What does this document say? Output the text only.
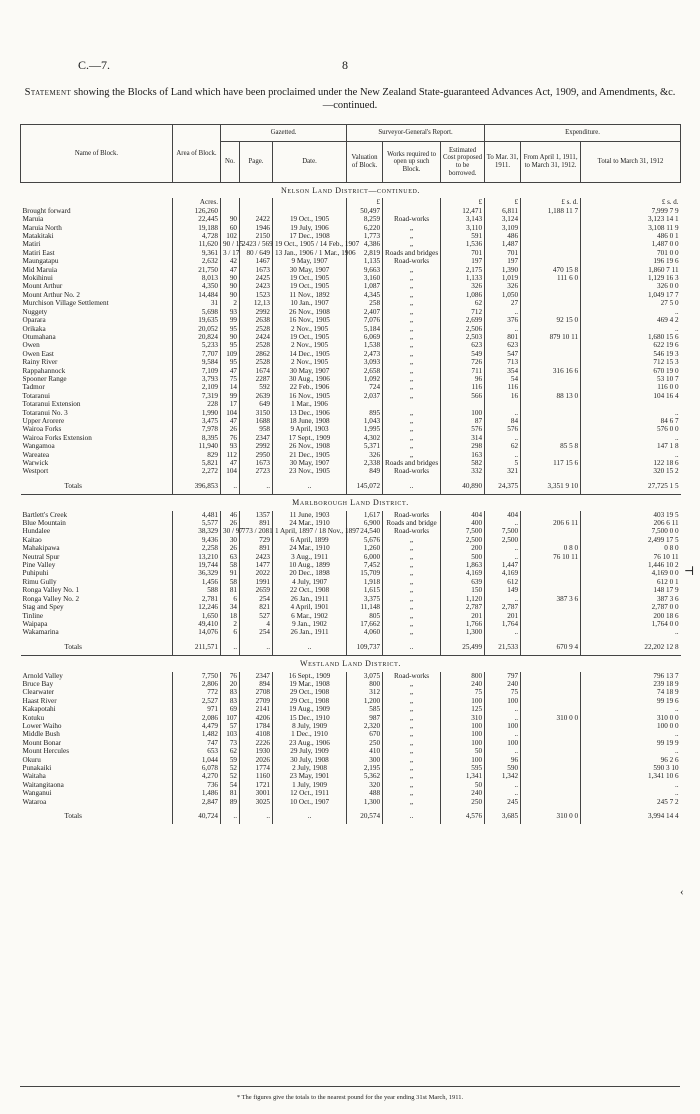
C.—7.	8
Statement showing the Blocks of Land which have been proclaimed under the New Zealand State-guaranteed Advances Act, 1909, and Amendments, &c.—continued.
Name of Block.	Area of Block.	Gazetted.			Surveyor-General's Report.			Expenditure.		
		No.	Page.	Date.	Valuation of Block.	Works required to open up such Block.	Estimated Cost proposed to be borrowed.	To Mar. 31, 1911.	From April 1, 1911, to March 31, 1912.	Total to March 31, 1912
Nelson Land District—continued.										
	Acres.				£		£	£	£ s. d.	£ s. d.
Brought forward	126,260				50,497		12,471	6,811	1,188 11 7	7,999 7 9
Maruia	22,445	90	2422	19 Oct., 1905	8,259	Road-works	3,143	3,124		3,123 14 1
Maruia North	19,188	60	1946	19 July, 1906	6,220	„	3,110	3,109		3,108 11 9
Matakitaki	4,728	102	2150	17 Dec., 1908	1,773	„	591	486		486 0 1
Matiri	11,620	90 / 15	2423 / 569	19 Oct., 1905 / 14 Feb., 1907	4,386	„	1,536	1,487		1,487 0 0
Matiri East	9,361	3 / 17	80 / 649	13 Jan., 1906 / 1 Mar., 1906	2,819	Roads and bridges	701	701		701 0 0
Maungatapu	2,632	42	1467	9 May, 1907	1,135	Road-works	197	197		196 19 6
Mid Maruia	21,750	47	1673	30 May, 1907	9,663	„	2,175	1,390	470 15 8	1,860 7 11
Mokihinui	8,013	90	2425	19 Oct., 1905	3,160	„	1,133	1,019	111 6 0	1,129 16 3
Mount Arthur	4,350	90	2423	19 Oct., 1905	1,087	„	326	326		326 0 0
Mount Arthur No. 2	14,484	90	1523	11 Nov., 1892	4,345	„	1,086	1,050		1,049 17 7
Murchison Village Settlement	31	2	12,13	10 Jan., 1907	258	„	62	27		27 5 0
Nuggety	5,698	93	2992	26 Nov., 1908	2,407	„	712	..		..
Oparara	19,635	99	2638	16 Nov., 1905	7,076	„	2,699	376	92 15 0	469 4 2
Orikaka	20,052	95	2528	2 Nov., 1905	5,184	„	2,506	..		..
Otumahana	20,824	90	2424	19 Oct., 1905	6,069	„	2,503	801	879 10 11	1,680 15 6
Owen	5,233	95	2528	2 Nov., 1905	1,538	„	623	623		622 19 6
Owen East	7,707	109	2862	14 Dec., 1905	2,473	„	549	547		546 19 3
Rainy River	9,584	95	2528	2 Nov., 1905	3,093	„	726	713		712 15 3
Rappahannock	7,109	47	1674	30 May, 1907	2,658	„	711	354	316 16 6	670 19 0
Spooner Range	3,793	75	2287	30 Aug., 1906	1,092	„	96	54		53 10 7
Tadmor	2,109	14	592	22 Feb., 1906	724	„	116	116		116 0 0
Totaranui	7,319	99	2639	16 Nov., 1905	2,037	„	566	16	88 13 0	104 16 4
Totaranui Extension	228	17	649	1 Mar., 1906						
Totaranui No. 3	1,990	104	3150	13 Dec., 1906	895	„	100	..		..
Upper Arorere	3,475	47	1688	18 June, 1908	1,043	„	87	84		84 6 7
Wairoa Forks	7,978	26	958	9 April, 1903	1,995	„	576	576		576 0 0
Wairoa Forks Extension	8,395	76	2347	17 Sept., 1909	4,302	„	314	..		..
Wangamoa	11,940	93	2992	26 Nov., 1908	5,371	„	298	62	85 5 8	147 1 8
Wareatea	829	112	2950	21 Dec., 1905	326	„	163	..		..
Warwick	5,821	47	1673	30 May, 1907	2,338	Roads and bridges	582	5	117 15 6	122 18 6
Westport	2,272	104	2723	23 Nov., 1905	849	Road-works	332	321		320 15 2
Totals	396,853	..	..	..	145,072	..	40,890	24,375	3,351 9 10	27,725 1 5
Marlborough Land District.										
Bartlett's Creek	4,481	46	1357	11 June, 1903	1,617	Road-works	404	404		403 19 5
Blue Mountain	5,577	26	891	24 Mar., 1910	6,900	Roads and bridge	400	..	206 6 11	206 6 11
Hundalee	38,329	30 / 97	773 / 2081	1 April, 1897 / 18 Nov., 1897	24,540	Road-works	7,500	7,500		7,500 0 0
Kaitao	9,436	30	729	6 April, 1899	5,676	„	2,500	2,500		2,499 17 5
Mahakipawa	2,258	26	891	24 Mar., 1910	1,260	„	200	..	0 8 0	0 8 0
Neutral Spur	13,210	63	2423	3 Aug., 1911	6,000	„	500	..	76 10 11	76 10 11
Pine Valley	19,744	58	1477	10 Aug., 1899	7,452	„	1,863	1,447		1,446 10 2
Puhipuhi	36,329	91	2022	20 Dec., 1898	15,709	„	4,169	4,169		4,169 0 0
Rimu Gully	1,456	58	1991	4 July, 1907	1,918	„	639	612		612 0 1
Ronga Valley No. 1	588	81	2659	22 Oct., 1908	1,615	„	150	149		148 17 9
Ronga Valley No. 2	2,781	6	254	26 Jan., 1911	3,375	„	1,120	..	387 3 6	387 3 6
Stag and Spey	12,246	34	821	4 April, 1901	11,148	„	2,787	2,787		2,787 0 0
Tinline	1,650	18	527	6 Mar., 1902	805	„	201	201		200 18 6
Waipapa	49,410	2	4	9 Jan., 1902	17,662	„	1,766	1,764		1,764 0 0
Wakamarina	14,076	6	254	26 Jan., 1911	4,060	„	1,300	..		..
Totals	211,571	..	..	..	109,737	..	25,499	21,533	670 9 4	22,202 12 8
Westland Land District.										
Arnold Valley	7,750	76	2347	16 Sept., 1909	3,075	Road-works	800	797		796 13 7
Bruce Bay	2,806	20	894	19 Mar., 1908	800	„	240	240		239 18 9
Clearwater	772	83	2708	29 Oct., 1908	312	„	75	75		74 18 9
Haast River	2,527	83	2709	29 Oct., 1908	1,200	„	100	100		99 19 6
Kakapotahi	971	69	2141	19 Aug., 1909	585	„	125	..		..
Kotuku	2,086	107	4206	15 Dec., 1910	987	„	310	..	310 0 0	310 0 0
Lower Waiho	4,479	57	1784	8 July, 1909	2,320	„	100	100		100 0 0
Middle Bush	1,482	103	4108	1 Dec., 1910	670	„	100	..		..
Mount Bonar	747	73	2226	23 Aug., 1906	250	„	100	100		99 19 9
Mount Hercules	653	62	1930	29 July, 1909	410	„	50	..		..
Okuru	1,044	59	2026	30 July, 1908	300	„	100	96		96 2 6
Punakaiki	6,078	52	1774	2 July, 1908	2,195	„	595	590		590 3 10
Waitaha	4,270	52	1160	23 May, 1901	5,362	„	1,341	1,342		1,341 10 6
Waitangitaona	736	54	1721	1 July, 1909	320	„	50	..		..
Wanganui	1,486	81	3001	12 Oct., 1911	488	„	240	..		..
Wataroa	2,847	89	3025	10 Oct., 1907	1,300	„	250	245		245 7 2
Totals	40,724	..	..	..	20,574	..	4,576	3,685	310 0 0	3,994 14 4
⊣
‹
* The figures give the totals to the nearest pound for the year ending 31st March, 1911.
